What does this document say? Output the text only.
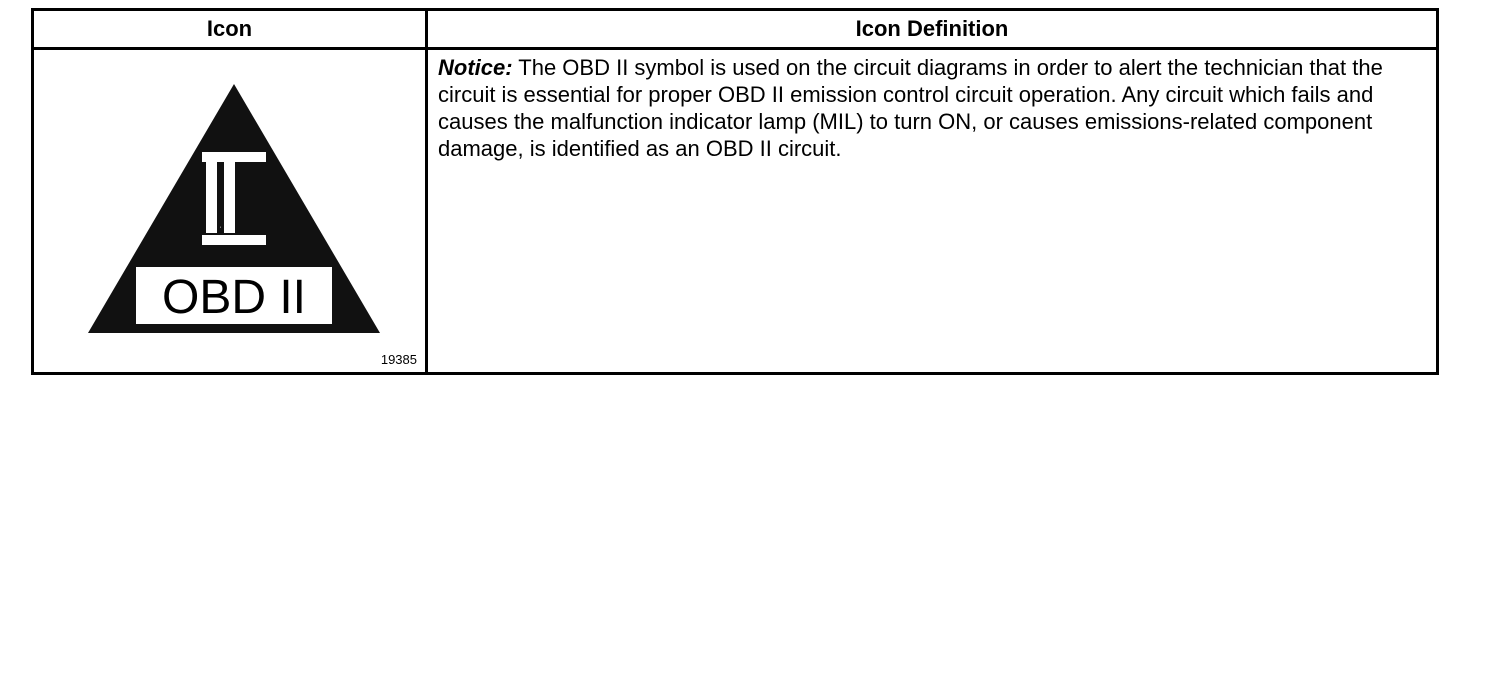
Icon	Icon Definition
II
OBD II
19385

Notice: The OBD II symbol is used on the circuit diagrams in order to alert the technician that the circuit is essential for proper OBD II emission control circuit operation. Any circuit which fails and causes the malfunction indicator lamp (MIL) to turn ON, or causes emissions-related component damage, is identified as an OBD II circuit.
